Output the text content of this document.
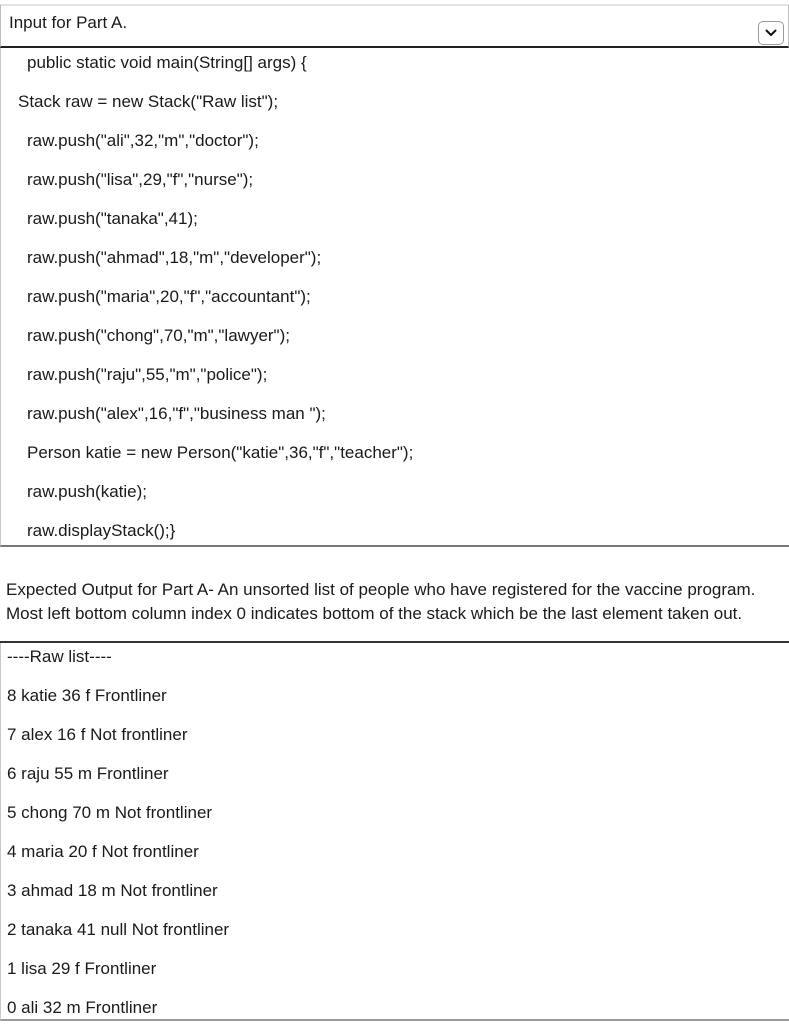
Input for Part A.
public static void main(String[] args) {
Stack raw = new Stack("Raw list");
raw.push("ali",32,"m","doctor");
raw.push("lisa",29,"f","nurse");
raw.push("tanaka",41);
raw.push("ahmad",18,"m","developer");
raw.push("maria",20,"f","accountant");
raw.push("chong",70,"m","lawyer");
raw.push("raju",55,"m","police");
raw.push("alex",16,"f","business man ");
Person katie = new Person("katie",36,"f","teacher");
raw.push(katie);
raw.displayStack();}
Expected Output for Part A- An unsorted list of people who have registered for the vaccine program.
Most left bottom column index 0 indicates bottom of the stack which be the last element taken out.
----Raw list----
8 katie 36 f Frontliner
7 alex 16 f Not frontliner
6 raju 55 m Frontliner
5 chong 70 m Not frontliner
4 maria 20 f Not frontliner
3 ahmad 18 m Not frontliner
2 tanaka 41 null Not frontliner
1 lisa 29 f Frontliner
0 ali 32 m Frontliner
